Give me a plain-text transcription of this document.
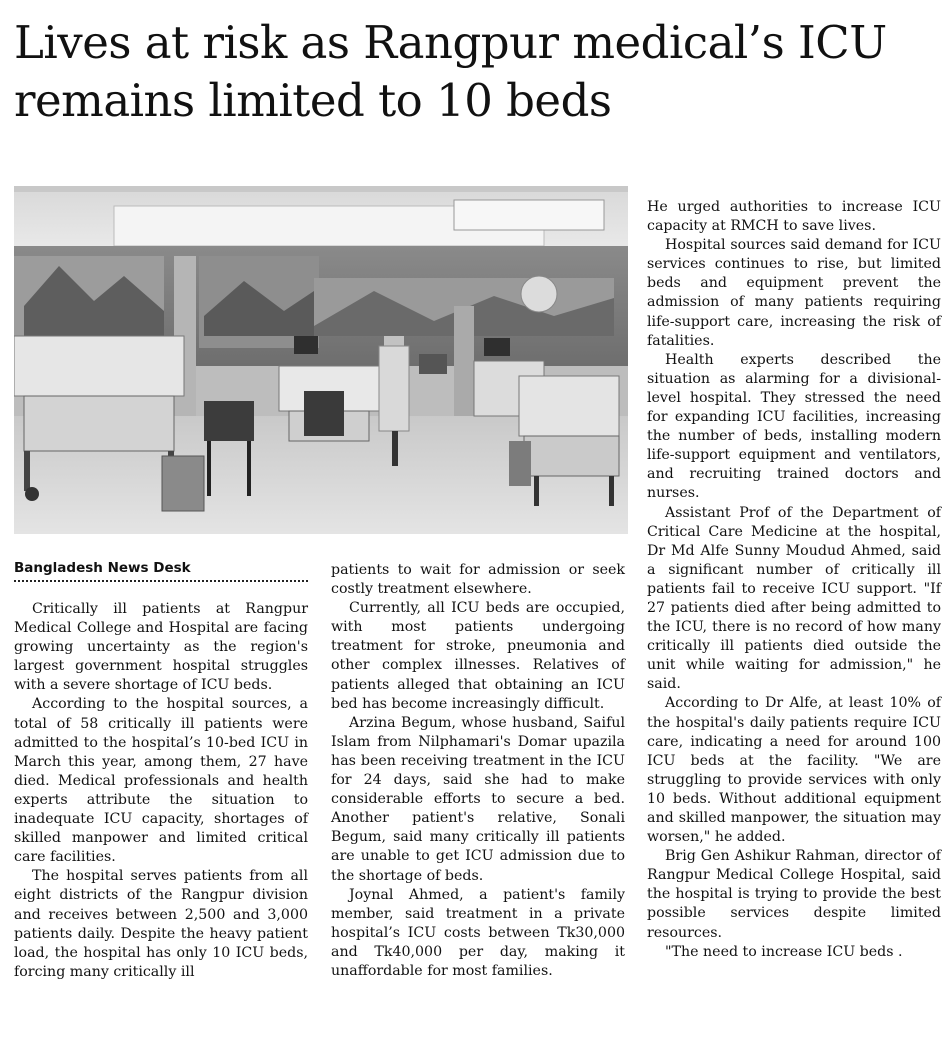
Lives at risk as Rangpur medical’s ICU remains limited to 10 beds
Bangladesh News Desk

Critically ill patients at Rangpur Medical College and Hospital are facing growing uncertainty as the region's largest government hospital struggles with a severe shortage of ICU beds.

According to the hospital sources, a total of 58 critically ill patients were admitted to the hospital’s 10-bed ICU in March this year, among them, 27 have died. Medical professionals and health experts attribute the situation to inadequate ICU capacity, shortages of skilled manpower and limited critical care facilities.

The hospital serves patients from all eight districts of the Rangpur division and receives between 2,500 and 3,000 patients daily. Despite the heavy patient load, the hospital has only 10 ICU beds, forcing many critically ill

patients to wait for admission or seek costly treatment elsewhere.

Currently, all ICU beds are occupied, with most patients undergoing treatment for stroke, pneumonia and other complex illnesses. Relatives of patients alleged that obtaining an ICU bed has become increasingly difficult.

Arzina Begum, whose husband, Saiful Islam from Nilphamari's Domar upazila has been receiving treatment in the ICU for 24 days, said she had to make considerable efforts to secure a bed. Another patient's relative, Sonali Begum, said many critically ill patients are unable to get ICU admission due to the shortage of beds.

Joynal Ahmed, a patient's family member, said treatment in a private hospital’s ICU costs between Tk30,000 and Tk40,000 per day, making it unaffordable for most families.

He urged authorities to increase ICU capacity at RMCH to save lives.

Hospital sources said demand for ICU services continues to rise, but limited beds and equipment prevent the admission of many patients requiring life-support care, increasing the risk of fatalities.

Health experts described the situation as alarming for a divisional-level hospital. They stressed the need for expanding ICU facilities, increasing the number of beds, installing modern life-support equipment and ventilators, and recruiting trained doctors and nurses.

Assistant Prof of the Department of Critical Care Medicine at the hospital, Dr Md Alfe Sunny Moudud Ahmed, said a significant number of critically ill patients fail to receive ICU support. "If 27 patients died after being admitted to the ICU, there is no record of how many critically ill patients died outside the unit while waiting for admission," he said.

According to Dr Alfe, at least 10% of the hospital's daily patients require ICU care, indicating a need for around 100 ICU beds at the facility. "We are struggling to provide services with only 10 beds. Without additional equipment and skilled manpower, the situation may worsen," he added.

Brig Gen Ashikur Rahman, director of Rangpur Medical College Hospital, said the hospital is trying to provide the best possible services despite limited resources.

"The need to increase ICU beds .
